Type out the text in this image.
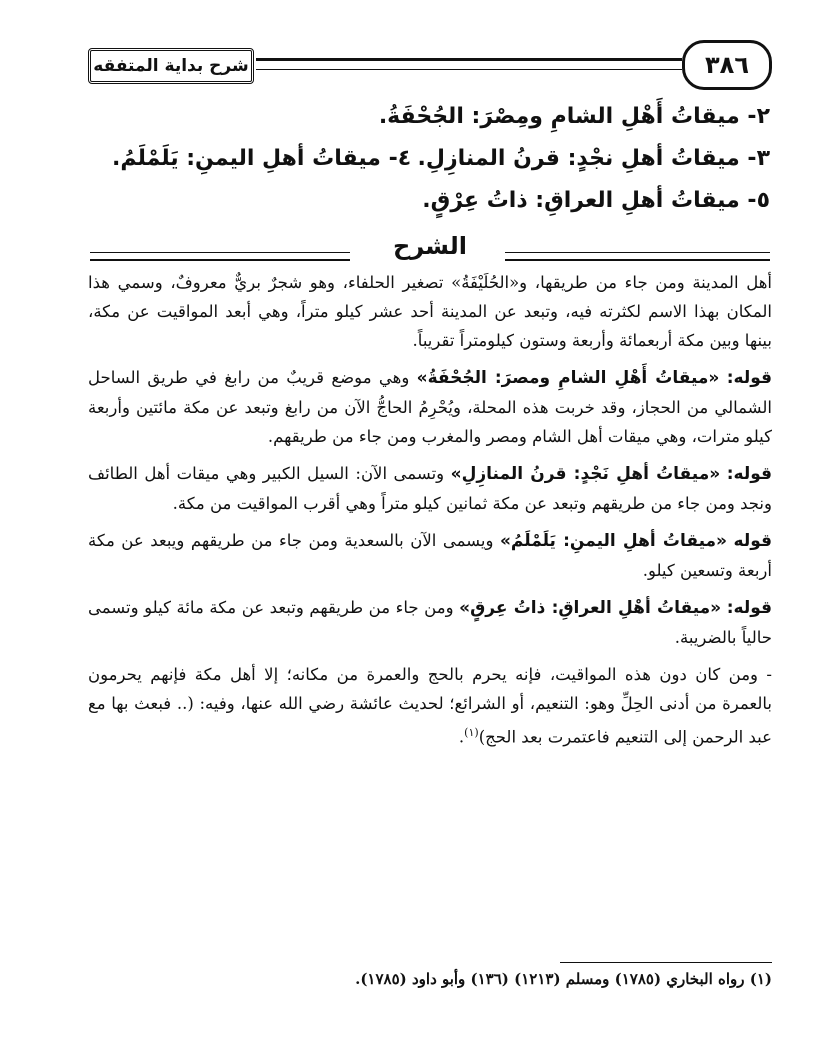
شرح بداية المتفقه	٣٨٦
٢- ميقاتُ أَهْلِ الشامِ ومِصْرَ: الجُحْفَةُ.
٣- ميقاتُ أهلِ نجْدٍ: قرنُ المنازِلِ.
٤- ميقاتُ أهلِ اليمنِ: يَلَمْلَمُ.
٥- ميقاتُ أهلِ العراقِ: ذاتُ عِرْقٍ.
الشرح

أهل المدينة ومن جاء من طريقها، و«الحُلَيْفَةُ» تصغير الحلفاء، وهو شجرٌ بريٌّ معروفٌ، وسمي هذا المكان بهذا الاسم لكثرته فيه، وتبعد عن المدينة أحد عشر كيلو متراً، وهي أبعد المواقيت عن مكة، بينها وبين مكة أربعمائة وأربعة وستون كيلومتراً تقريباً.

قوله: «ميقاتُ أَهْلِ الشامِ ومصرَ: الجُحْفَةُ» وهي موضع قريبٌ من رابغ في طريق الساحل الشمالي من الحجاز، وقد خربت هذه المحلة، ويُحْرِمُ الحاجُّ الآن من رابغ وتبعد عن مكة مائتين وأربعة كيلو مترات، وهي ميقات أهل الشام ومصر والمغرب ومن جاء من طريقهم.

قوله: «ميقاتُ أهلِ نَجْدٍ: قرنُ المنازِلِ» وتسمى الآن: السيل الكبير وهي ميقات أهل الطائف ونجد ومن جاء من طريقهم وتبعد عن مكة ثمانين كيلو متراً وهي أقرب المواقيت من مكة.

قوله «ميقاتُ أهلِ اليمنِ: يَلَمْلَمُ» ويسمى الآن بالسعدية ومن جاء من طريقهم ويبعد عن مكة أربعة وتسعين كيلو.

قوله: «ميقاتُ أهْلِ العراقِ: ذاتُ عِرقٍ» ومن جاء من طريقهم وتبعد عن مكة مائة كيلو وتسمى حالياً بالضريبة.

- ومن كان دون هذه المواقيت، فإنه يحرم بالحج والعمرة من مكانه؛ إلا أهل مكة فإنهم يحرمون بالعمرة من أدنى الحِلِّ وهو: التنعيم، أو الشرائع؛ لحديث عائشة رضي الله عنها، وفيه: (.. فبعث بها مع عبد الرحمن إلى التنعيم فاعتمرت بعد الحج)$^{(١)}$.

(١) رواه البخاري (١٧٨٥) ومسلم (١٢١٣) (١٣٦) وأبو داود (١٧٨٥).
